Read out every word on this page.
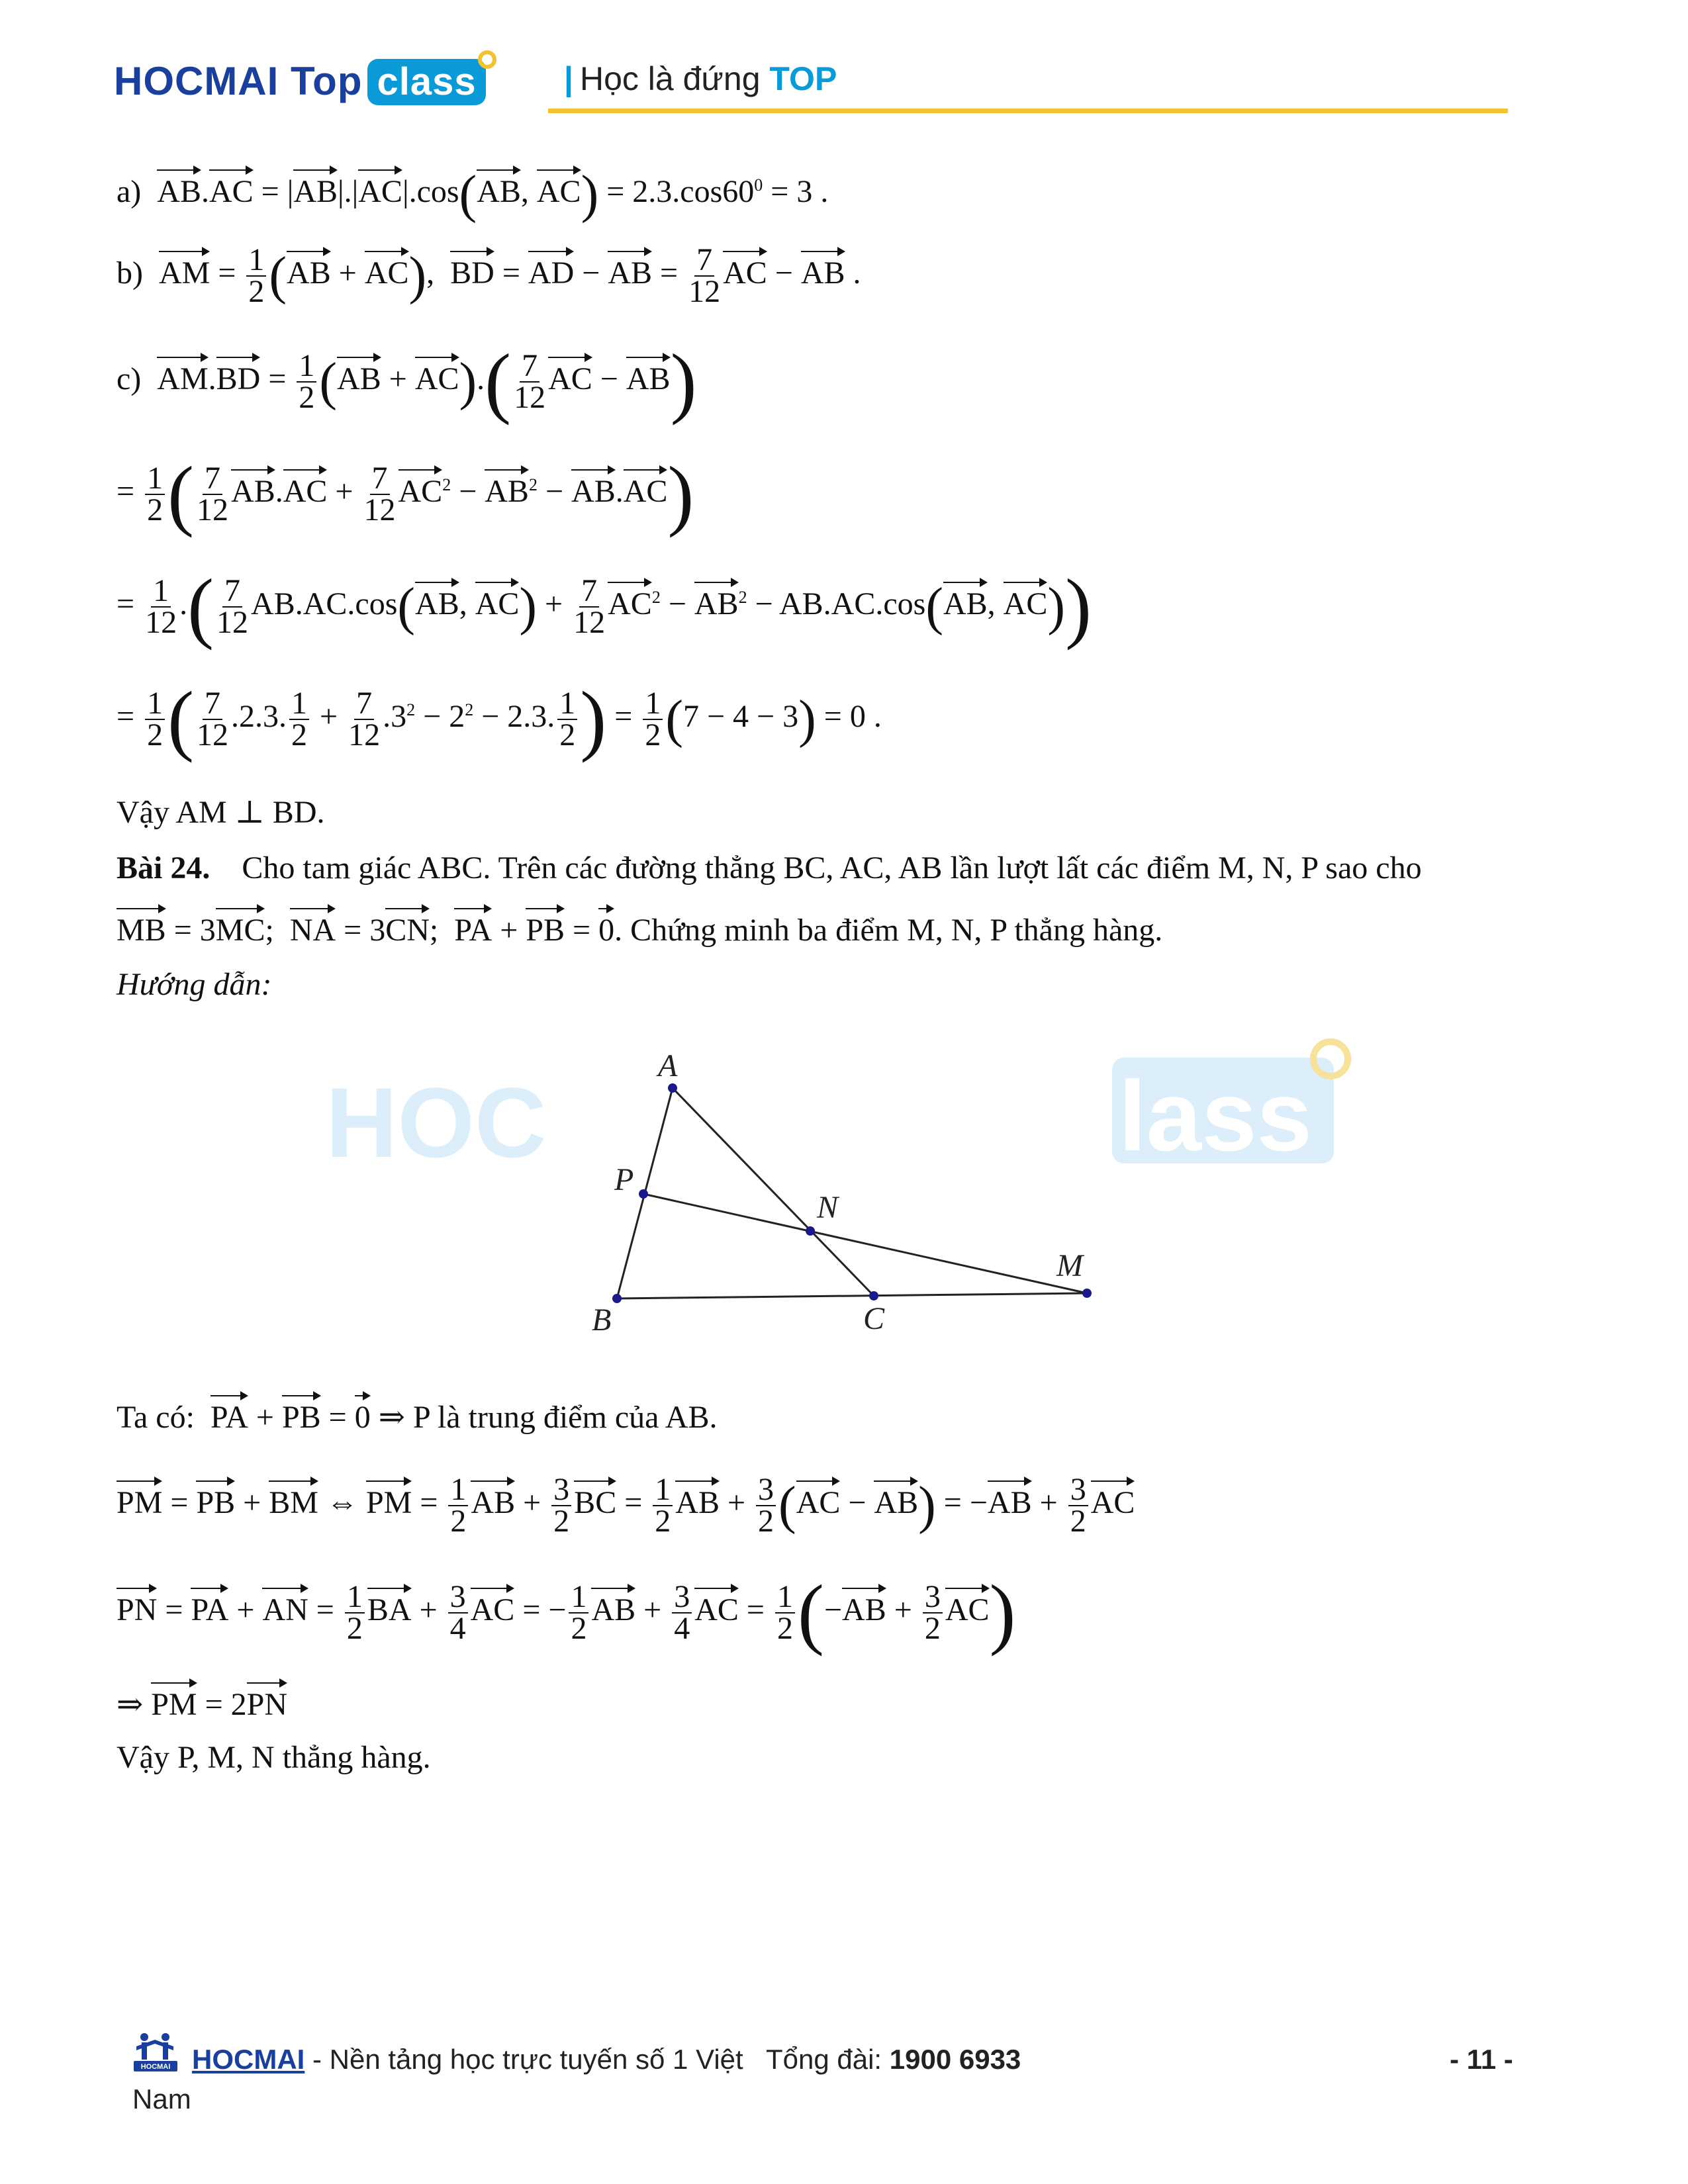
HOCMAI Top class	| Học là đứng TOP
a) AB.AC = |AB|.|AC|.cos(AB, $AC) = 2.3.\cos 60^0 = 3$ .
b) AM = $\frac{1}{2} (AB + AC)$,  BD = AD − AB = $\frac{7}{12}$ AC − AB .
c) $AM.BD = \frac{1}{2} (AB + AC).( \frac{7}{12}$ AC − AB)
= $\frac{1}{2}$ ( $\frac{7}{12} AB.AC + \frac{7}{12} AC^2 - AB^2 - AB.AC$)
= $\frac{1}{12}$ .( $\frac{7}{12} AB.AC.\cos(AB$, $AC) + \frac{7}{12} AC^2 - AB^2 - AB.AC.\cos(AB$, AC))
= $\frac{1}{2}$ ( $\frac{7}{12} .2.3$. $\frac{1}{2} + \frac{7}{12} .3^2 - 2^2 - 2.3$. $\frac{1}{2}$ ) = $\frac{1}{2} (7 - 4 - 3) = 0$ .
Vậy AM ⊥ BD.
Bài 24. Cho tam giác ABC. Trên các đường thẳng BC, AC, AB lần lượt lất các điểm M, N, P sao cho
MB = 3MC;  NA = 3CN;  PA + PB = 0. Chứng minh ba điểm M, N, P thẳng hàng.
Hướng dẫn:
HOC	lass
A
P
N
M
B	C
Ta có: PA + PB = 0 ⇒ P là trung điểm của AB.
PM = PB + BM ⇔ PM = $\frac{1}{2}$ AB + $\frac{3}{2}$ BC = $\frac{1}{2}$ AB + $\frac{3}{2} (AC - AB) = -AB + \frac{3}{2}$ AC
PN = PA + AN = $\frac{1}{2}$ BA + $\frac{3}{4}$ AC = − $\frac{1}{2}$ AB + $\frac{3}{4}$ AC = $\frac{1}{2} (-AB + \frac{3}{2} AC)$
⇒ PM = 2PN
Vậy P, M, N thẳng hàng.
HOCMAI HOCMAI - Nền tảng học trực tuyến số 1 Việt Tổng đài: 1900 6933
Nam
- 11 -
